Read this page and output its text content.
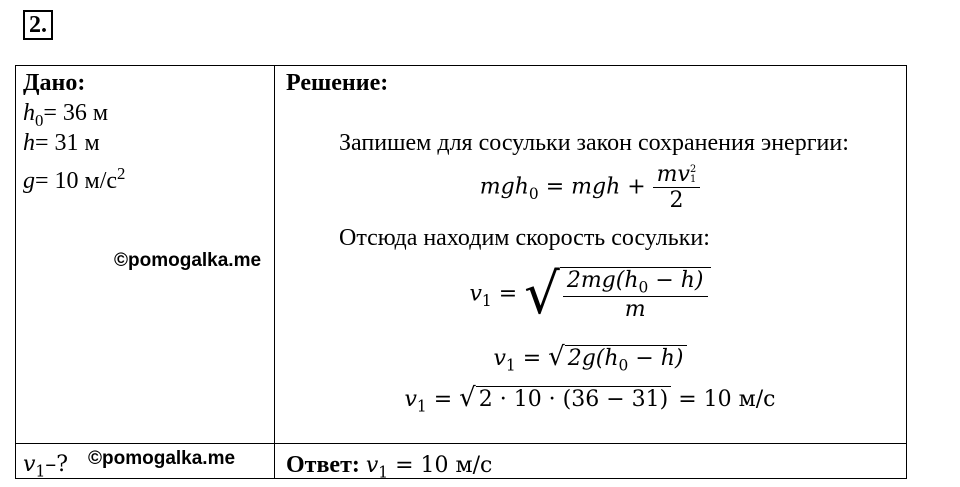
2.
Дано:
$h_0= 36$ м
h= 31 м
g= 10 $м/с^2$
©pomogalka.me
$v_1-$? ©pomogalka.me
Решение:
Запишем для сосульки закон сохранения энергии:
mgh$_0$ = mgh + mv 2
1
2
Отсюда находим скорость сосульки:
$v_1$ = √ $\frac{2mg(h_0 - h)}{m}$
$v_1$ = √ $2g(h_0 - h)$
$v_1$ = √ 2 · 10 · (36 − 31) = 10 м/с
Ответ: $v_1 = 10$ м/с
